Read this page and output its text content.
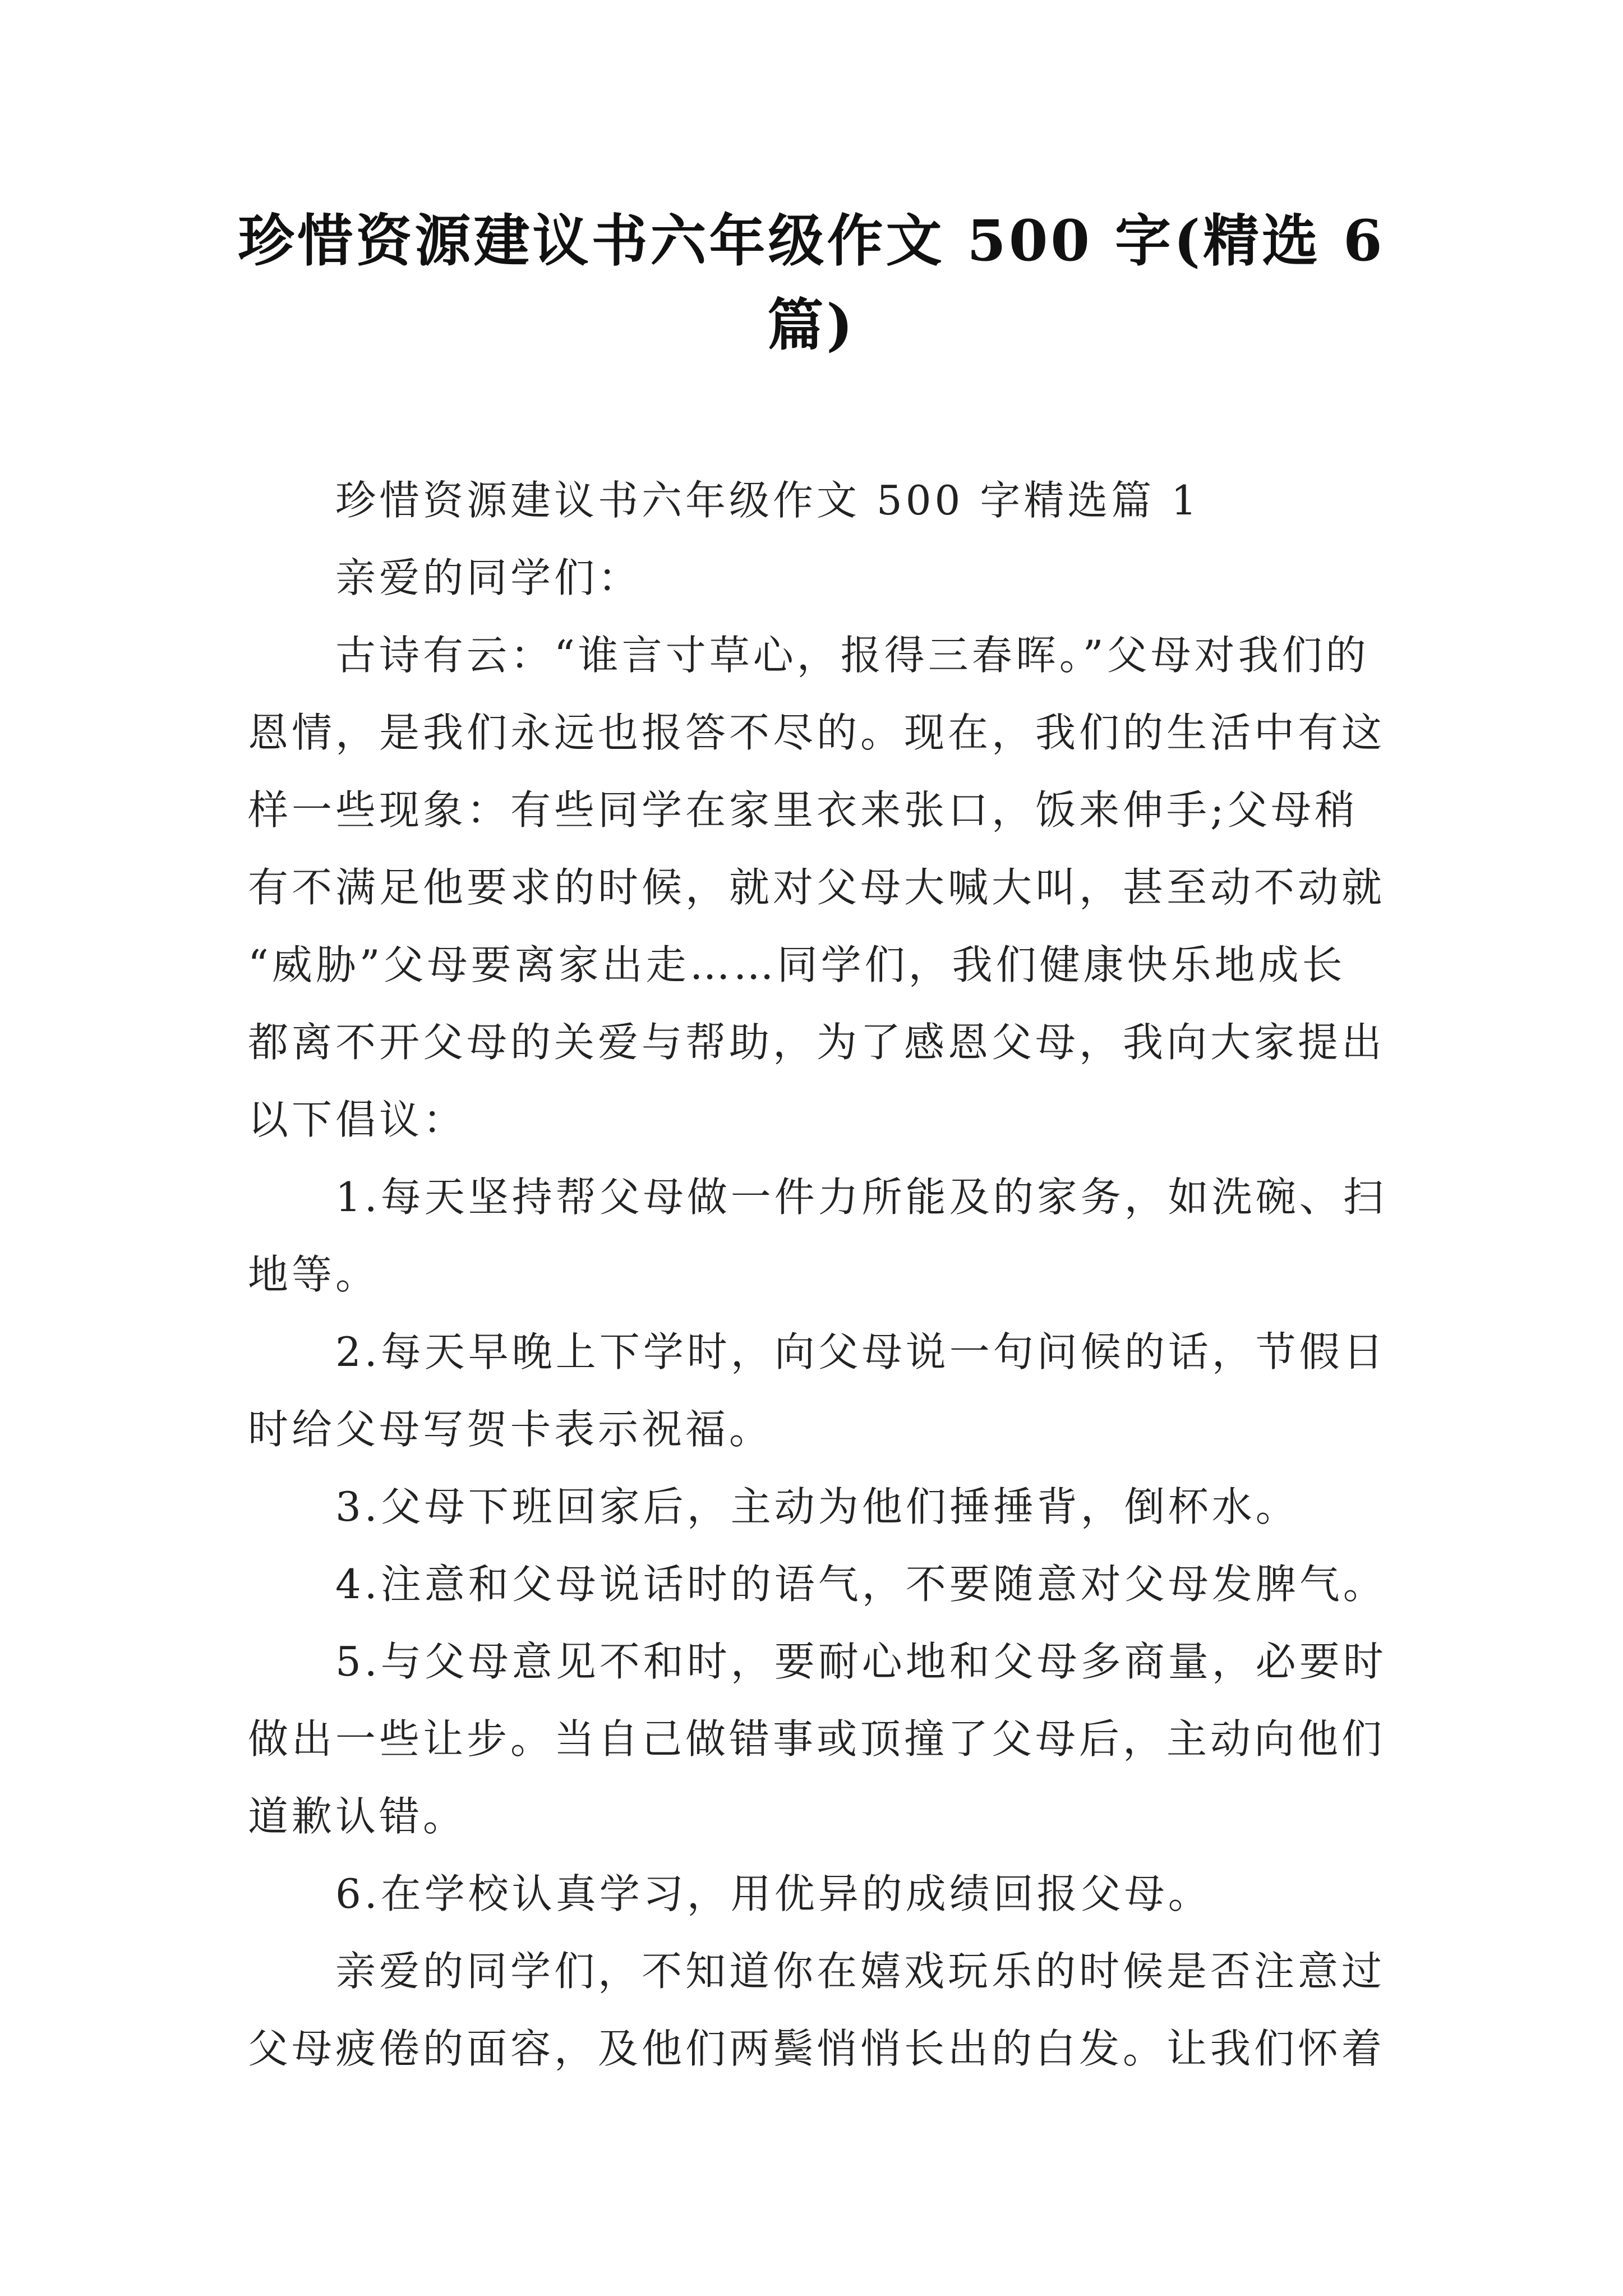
珍惜资源建议书六年级作文 500 字(精选 6
篇)
珍惜资源建议书六年级作文 500 字精选篇 1
亲爱的同学们：
古诗有云：“谁言寸草心，报得三春晖。”父母对我们的
恩情，是我们永远也报答不尽的。现在，我们的生活中有这
样一些现象：有些同学在家里衣来张口，饭来伸手;父母稍
有不满足他要求的时候，就对父母大喊大叫，甚至动不动就
“威胁”父母要离家出走……同学们，我们健康快乐地成长
都离不开父母的关爱与帮助，为了感恩父母，我向大家提出
以下倡议：
1.每天坚持帮父母做一件力所能及的家务，如洗碗、扫
地等。
2.每天早晚上下学时，向父母说一句问候的话，节假日
时给父母写贺卡表示祝福。
3.父母下班回家后，主动为他们捶捶背，倒杯水。
4.注意和父母说话时的语气，不要随意对父母发脾气。
5.与父母意见不和时，要耐心地和父母多商量，必要时
做出一些让步。当自己做错事或顶撞了父母后，主动向他们
道歉认错。
6.在学校认真学习，用优异的成绩回报父母。
亲爱的同学们，不知道你在嬉戏玩乐的时候是否注意过
父母疲倦的面容，及他们两鬓悄悄长出的白发。让我们怀着
